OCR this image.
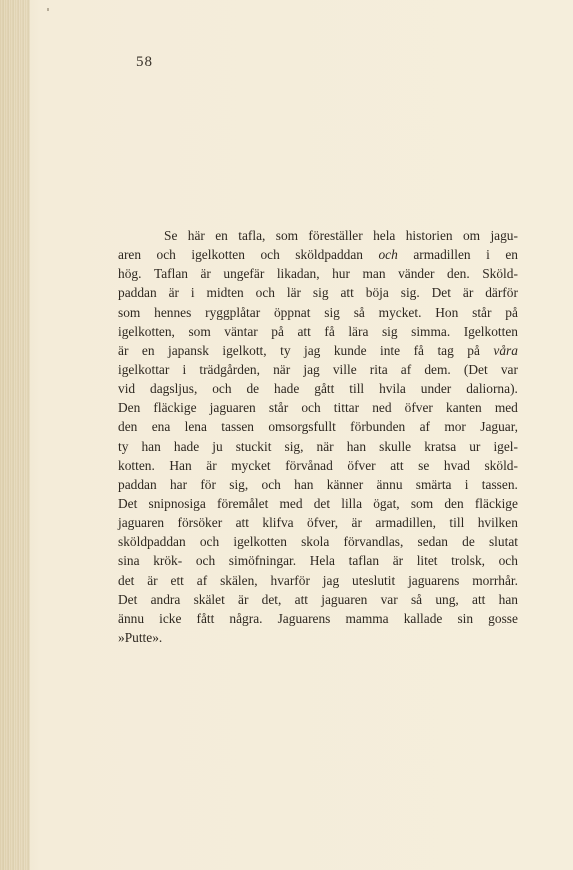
58
Se här en tafla, som föreställer hela historien om jagu-
aren och igelkotten och sköldpaddan och armadillen i en
hög. Taflan är ungefär likadan, hur man vänder den. Sköld-
paddan är i midten och lär sig att böja sig. Det är därför
som hennes ryggplåtar öppnat sig så mycket. Hon står på
igelkotten, som väntar på att få lära sig simma. Igelkotten
är en japansk igelkott, ty jag kunde inte få tag på våra
igelkottar i trädgården, när jag ville rita af dem. (Det var
vid dagsljus, och de hade gått till hvila under daliorna).
Den fläckige jaguaren står och tittar ned öfver kanten med
den ena lena tassen omsorgsfullt förbunden af mor Jaguar,
ty han hade ju stuckit sig, när han skulle kratsa ur igel-
kotten. Han är mycket förvånad öfver att se hvad sköld-
paddan har för sig, och han känner ännu smärta i tassen.
Det snipnosiga föremålet med det lilla ögat, som den fläckige
jaguaren försöker att klifva öfver, är armadillen, till hvilken
sköldpaddan och igelkotten skola förvandlas, sedan de slutat
sina krök- och simöfningar. Hela taflan är litet trolsk, och
det är ett af skälen, hvarför jag uteslutit jaguarens morrhår.
Det andra skälet är det, att jaguaren var så ung, att han
ännu icke fått några. Jaguarens mamma kallade sin gosse
»Putte».
